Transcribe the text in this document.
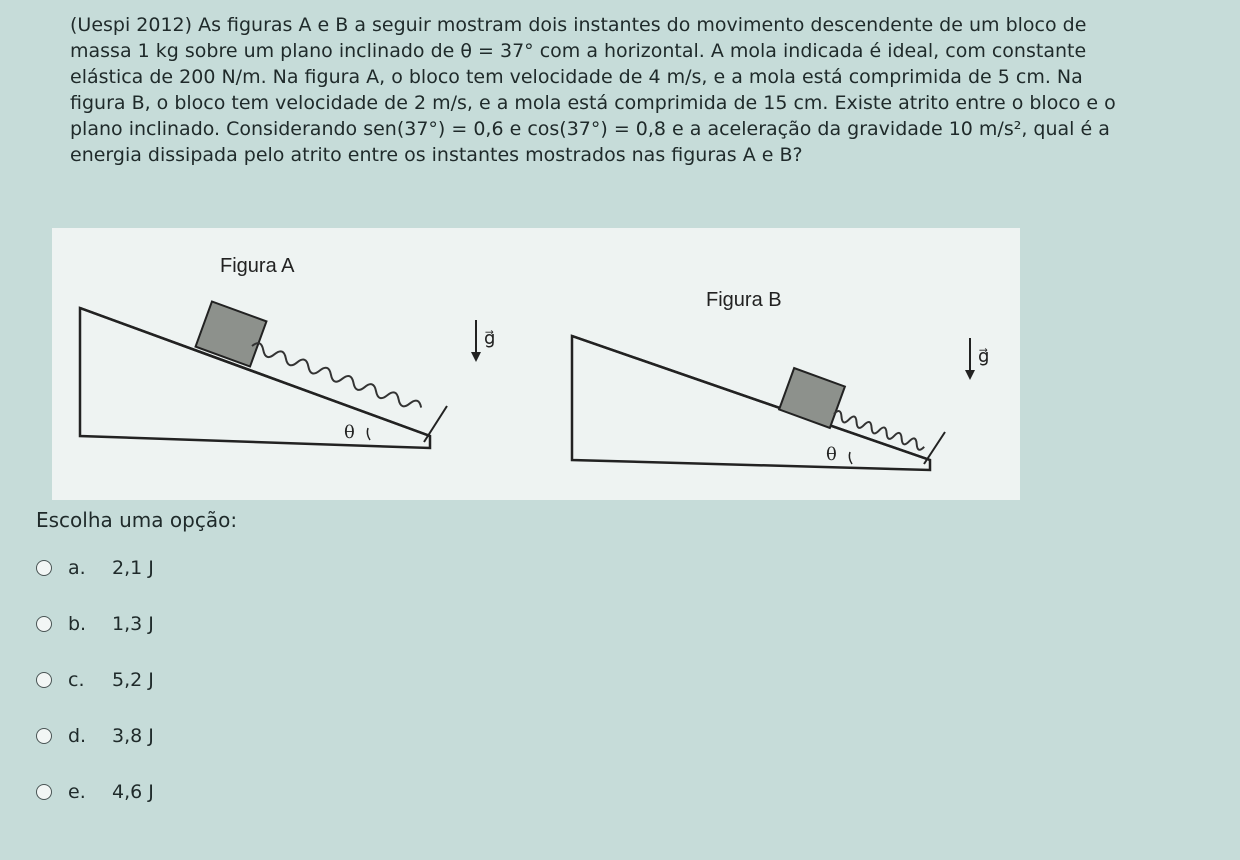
(Uespi 2012) As figuras A e B a seguir mostram dois instantes do movimento descendente de um bloco de

massa 1 kg sobre um plano inclinado de θ = 37° com a horizontal. A mola indicada é ideal, com constante

elástica de 200 N/m. Na figura A, o bloco tem velocidade de 4 m/s, e a mola está comprimida de 5 cm. Na

figura B, o bloco tem velocidade de 2 m/s, e a mola está comprimida de 15 cm. Existe atrito entre o bloco e o

plano inclinado. Considerando sen(37°) = 0,6 e cos(37°) = 0,8 e a aceleração da gravidade 10 m/s², qual é a

energia dissipada pelo atrito entre os instantes mostrados nas figuras A e B?

Figura A
θ
g⃗
Figura B
θ
g⃗
Escolha uma opção:
a.	2,1 J
b.	1,3 J
c.	5,2 J
d.	3,8 J
e.	4,6 J
